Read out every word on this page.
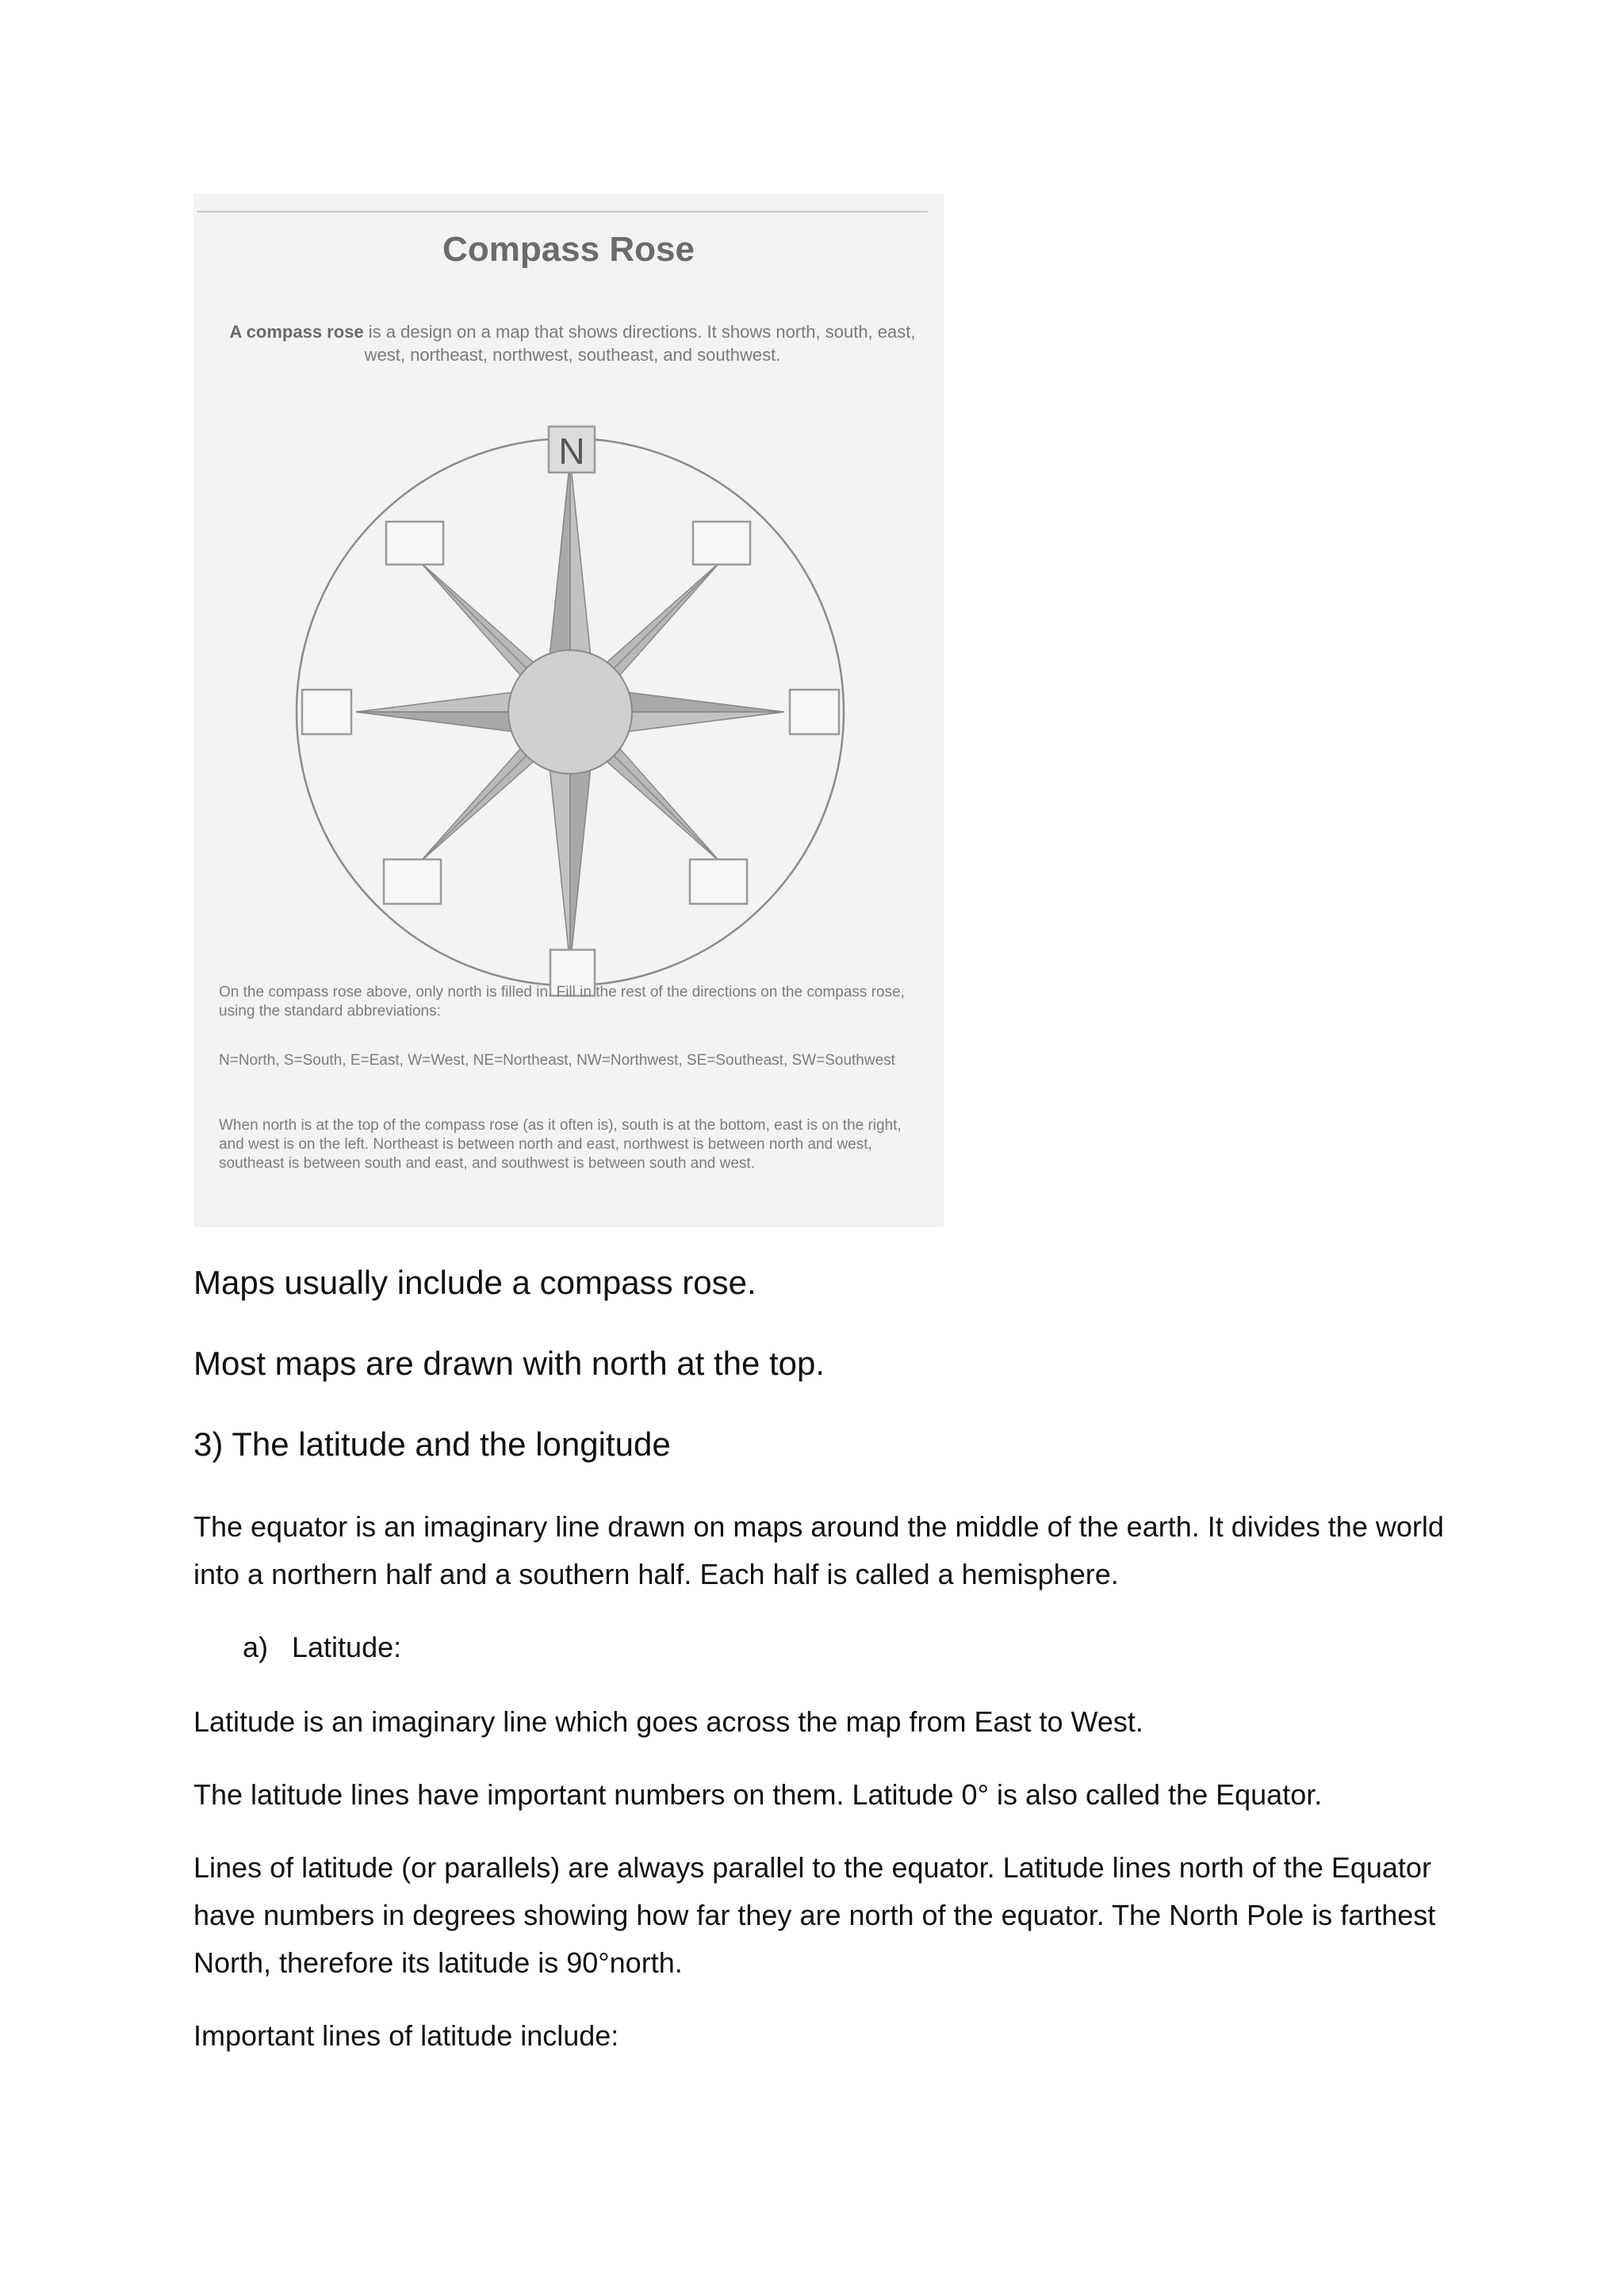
Compass Rose
A compass rose is a design on a map that shows directions. It shows north, south, east, west, northeast, northwest, southeast, and southwest.
N
On the compass rose above, only north is filled in. Fill in the rest of the directions on the compass rose, using the standard abbreviations:
N=North, S=South, E=East, W=West, NE=Northeast, NW=Northwest, SE=Southeast, SW=Southwest
When north is at the top of the compass rose (as it often is), south is at the bottom, east is on the right, and west is on the left. Northeast is between north and east, northwest is between north and west, southeast is between south and east, and southwest is between south and west.

Maps usually include a compass rose.

Most maps are drawn with north at the top.

3) The latitude and the longitude

The equator is an imaginary line drawn on maps around the middle of the earth. It divides the world into a northern half and a southern half. Each half is called a hemisphere.

a) Latitude:

Latitude is an imaginary line which goes across the map from East to West.

The latitude lines have important numbers on them. Latitude 0° is also called the Equator.

Lines of latitude (or parallels) are always parallel to the equator. Latitude lines north of the Equator have numbers in degrees showing how far they are north of the equator. The North Pole is farthest North, therefore its latitude is 90°north.

Important lines of latitude include:
